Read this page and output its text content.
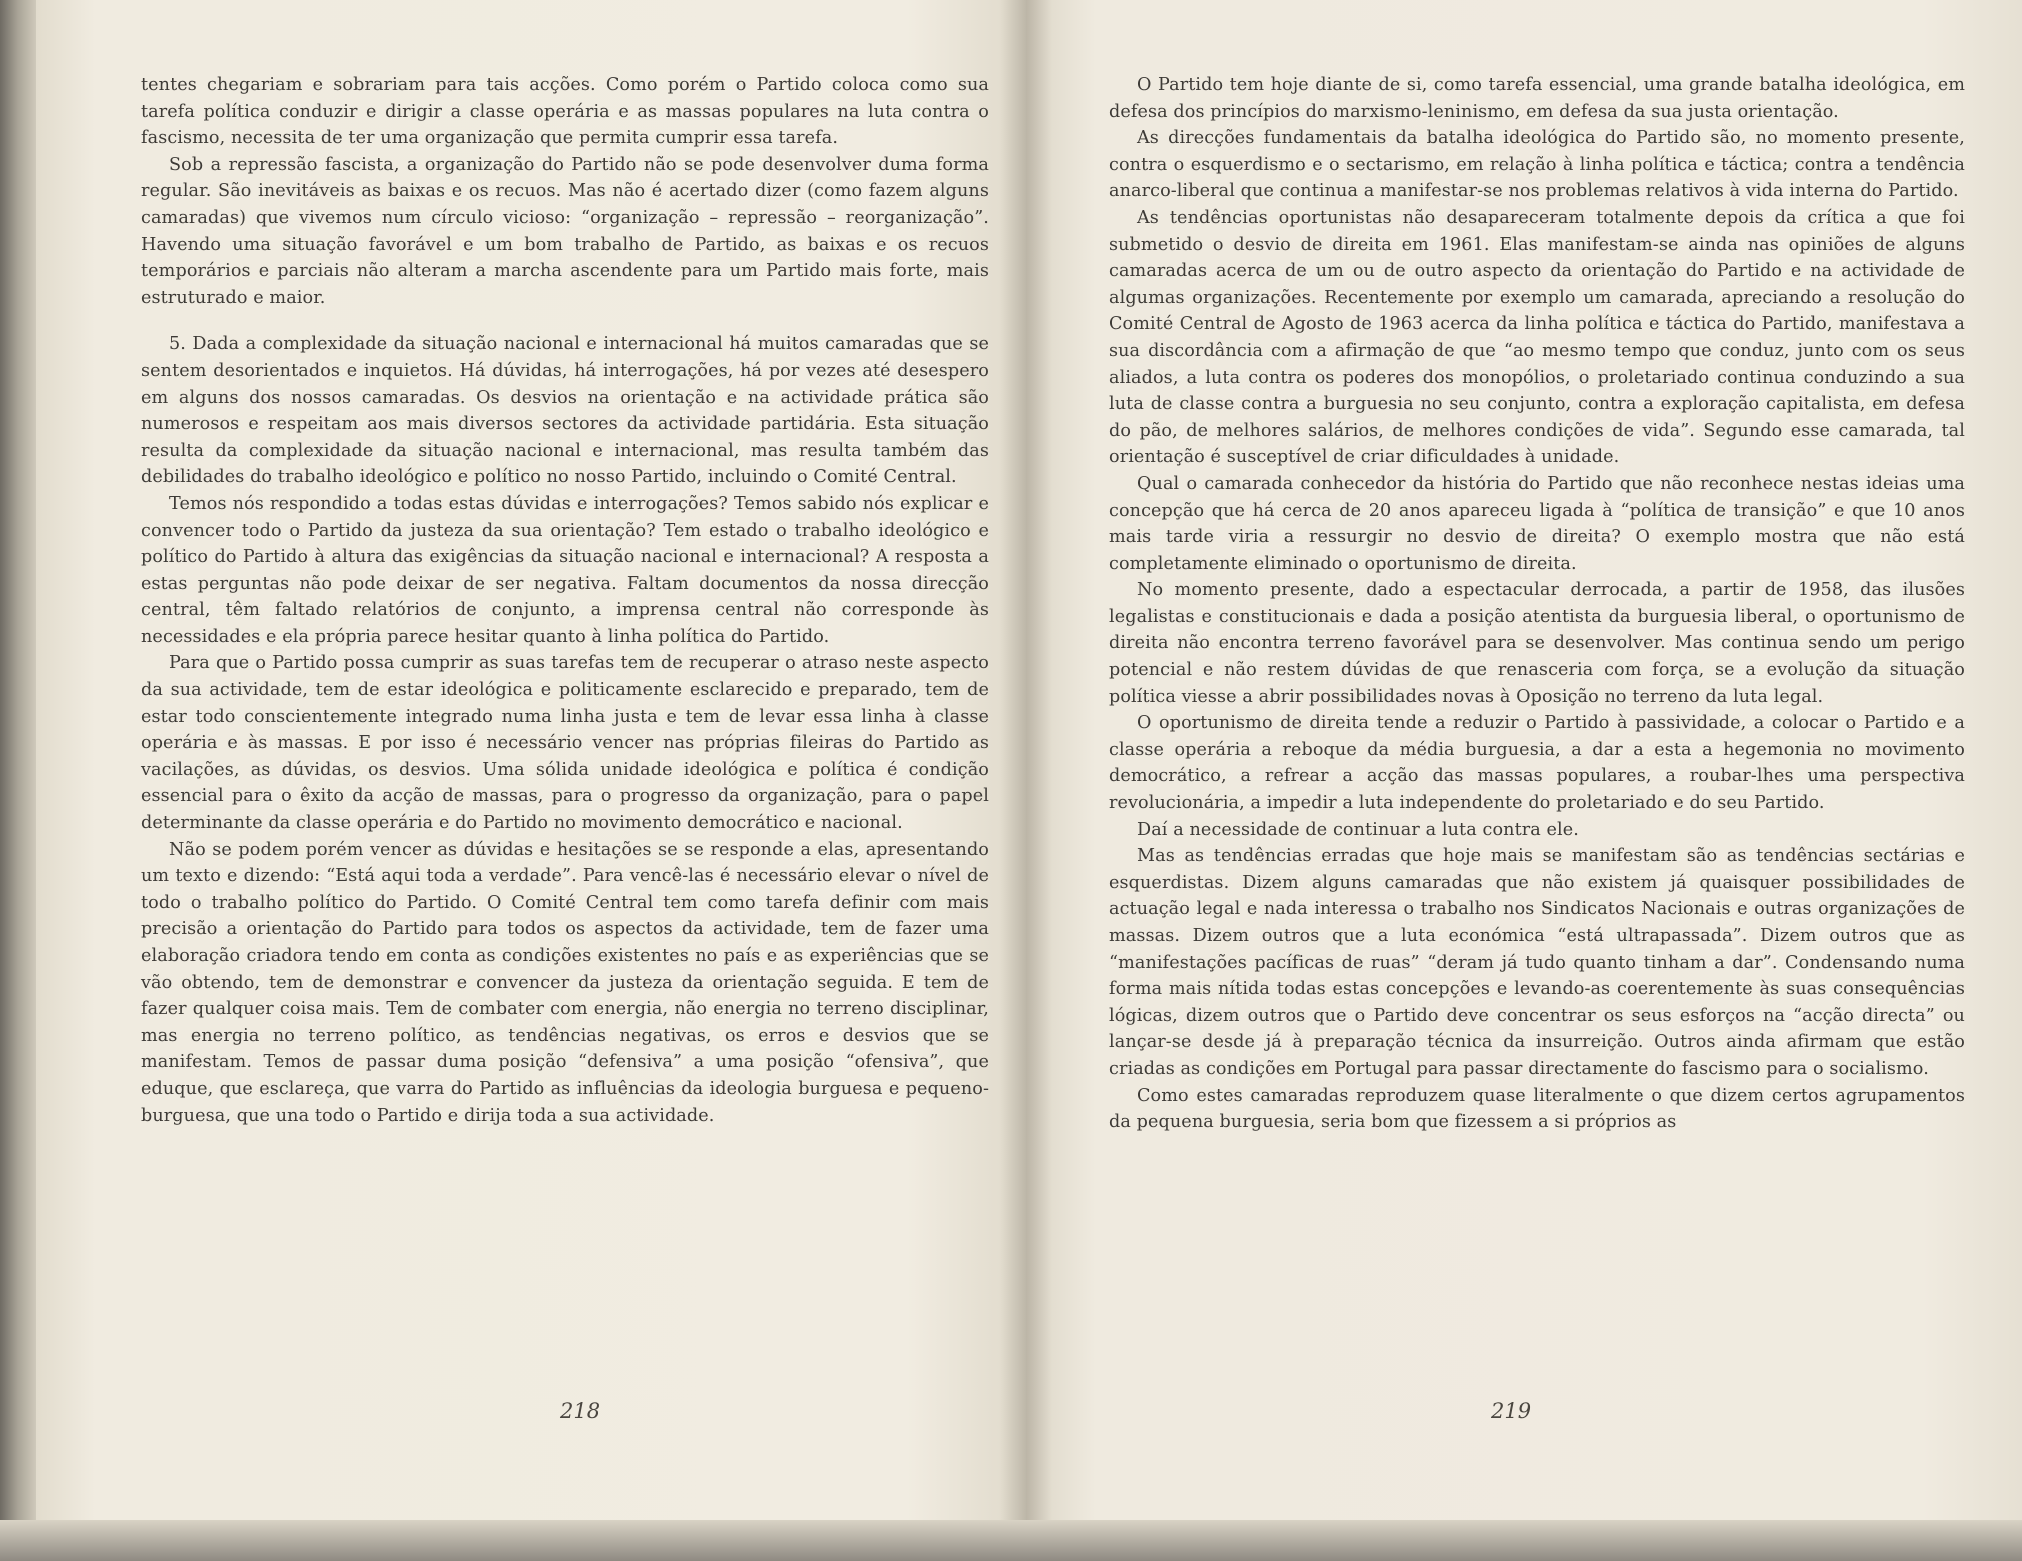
tentes chegariam e sobrariam para tais acções. Como porém o Partido coloca como sua tarefa política conduzir e dirigir a classe operária e as massas populares na luta contra o fascismo, necessita de ter uma organização que permita cumprir essa tarefa.

Sob a repressão fascista, a organização do Partido não se pode desenvolver duma forma regular. São inevitáveis as baixas e os recuos. Mas não é acertado dizer (como fazem alguns camaradas) que vivemos num círculo vicioso: “organização – repressão – reorganização”. Havendo uma situação favorável e um bom trabalho de Partido, as baixas e os recuos temporários e parciais não alteram a marcha ascendente para um Partido mais forte, mais estruturado e maior.

5. Dada a complexidade da situação nacional e internacional há muitos camaradas que se sentem desorientados e inquietos. Há dúvidas, há interrogações, há por vezes até desespero em alguns dos nossos camaradas. Os desvios na orientação e na actividade prática são numerosos e respeitam aos mais diversos sectores da actividade partidária. Esta situação resulta da complexidade da situação nacional e internacional, mas resulta também das debilidades do trabalho ideológico e político no nosso Partido, incluindo o Comité Central.

Temos nós respondido a todas estas dúvidas e interrogações? Temos sabido nós explicar e convencer todo o Partido da justeza da sua orientação? Tem estado o trabalho ideológico e político do Partido à altura das exigências da situação nacional e internacional? A resposta a estas perguntas não pode deixar de ser negativa. Faltam documentos da nossa direcção central, têm faltado relatórios de conjunto, a imprensa central não corresponde às necessidades e ela própria parece hesitar quanto à linha política do Partido.

Para que o Partido possa cumprir as suas tarefas tem de recuperar o atraso neste aspecto da sua actividade, tem de estar ideológica e politicamente esclarecido e preparado, tem de estar todo conscientemente integrado numa linha justa e tem de levar essa linha à classe operária e às massas. E por isso é necessário vencer nas próprias fileiras do Partido as vacilações, as dúvidas, os desvios. Uma sólida unidade ideológica e política é condição essencial para o êxito da acção de massas, para o progresso da organização, para o papel determinante da classe operária e do Partido no movimento democrático e nacional.

Não se podem porém vencer as dúvidas e hesitações se se responde a elas, apresentando um texto e dizendo: “Está aqui toda a verdade”. Para vencê-las é necessário elevar o nível de todo o trabalho político do Partido. O Comité Central tem como tarefa definir com mais precisão a orientação do Partido para todos os aspectos da actividade, tem de fazer uma elaboração criadora tendo em conta as condições existentes no país e as experiências que se vão obtendo, tem de demonstrar e convencer da justeza da orientação seguida. E tem de fazer qualquer coisa mais. Tem de combater com energia, não energia no terreno disciplinar, mas energia no terreno político, as tendências negativas, os erros e desvios que se manifestam. Temos de passar duma posição “defensiva” a uma posição “ofensiva”, que eduque, que esclareça, que varra do Partido as influências da ideologia burguesa e pequeno-burguesa, que una todo o Partido e dirija toda a sua actividade.

218

O Partido tem hoje diante de si, como tarefa essencial, uma grande batalha ideológica, em defesa dos princípios do marxismo-leninismo, em defesa da sua justa orientação.

As direcções fundamentais da batalha ideológica do Partido são, no momento presente, contra o esquerdismo e o sectarismo, em relação à linha política e táctica; contra a tendência anarco-liberal que continua a manifestar-se nos problemas relativos à vida interna do Partido.

As tendências oportunistas não desapareceram totalmente depois da crítica a que foi submetido o desvio de direita em 1961. Elas manifestam-se ainda nas opiniões de alguns camaradas acerca de um ou de outro aspecto da orientação do Partido e na actividade de algumas organizações. Recentemente por exemplo um camarada, apreciando a resolução do Comité Central de Agosto de 1963 acerca da linha política e táctica do Partido, manifestava a sua discordância com a afirmação de que “ao mesmo tempo que conduz, junto com os seus aliados, a luta contra os poderes dos monopólios, o proletariado continua conduzindo a sua luta de classe contra a burguesia no seu conjunto, contra a exploração capitalista, em defesa do pão, de melhores salários, de melhores condições de vida”. Segundo esse camarada, tal orientação é susceptível de criar dificuldades à unidade.

Qual o camarada conhecedor da história do Partido que não reconhece nestas ideias uma concepção que há cerca de 20 anos apareceu ligada à “política de transição” e que 10 anos mais tarde viria a ressurgir no desvio de direita? O exemplo mostra que não está completamente eliminado o oportunismo de direita.

No momento presente, dado a espectacular derrocada, a partir de 1958, das ilusões legalistas e constitucionais e dada a posição atentista da burguesia liberal, o oportunismo de direita não encontra terreno favorável para se desenvolver. Mas continua sendo um perigo potencial e não restem dúvidas de que renasceria com força, se a evolução da situação política viesse a abrir possibilidades novas à Oposição no terreno da luta legal.

O oportunismo de direita tende a reduzir o Partido à passividade, a colocar o Partido e a classe operária a reboque da média burguesia, a dar a esta a hegemonia no movimento democrático, a refrear a acção das massas populares, a roubar-lhes uma perspectiva revolucionária, a impedir a luta independente do proletariado e do seu Partido.

Daí a necessidade de continuar a luta contra ele.

Mas as tendências erradas que hoje mais se manifestam são as tendências sectárias e esquerdistas. Dizem alguns camaradas que não existem já quaisquer possibilidades de actuação legal e nada interessa o trabalho nos Sindicatos Nacionais e outras organizações de massas. Dizem outros que a luta económica “está ultrapassada”. Dizem outros que as “manifestações pacíficas de ruas” “deram já tudo quanto tinham a dar”. Condensando numa forma mais nítida todas estas concepções e levando-as coerentemente às suas consequências lógicas, dizem outros que o Partido deve concentrar os seus esforços na “acção directa” ou lançar-se desde já à preparação técnica da insurreição. Outros ainda afirmam que estão criadas as condições em Portugal para passar directamente do fascismo para o socialismo.

Como estes camaradas reproduzem quase literalmente o que dizem certos agrupamentos da pequena burguesia, seria bom que fizessem a si próprios as

219
